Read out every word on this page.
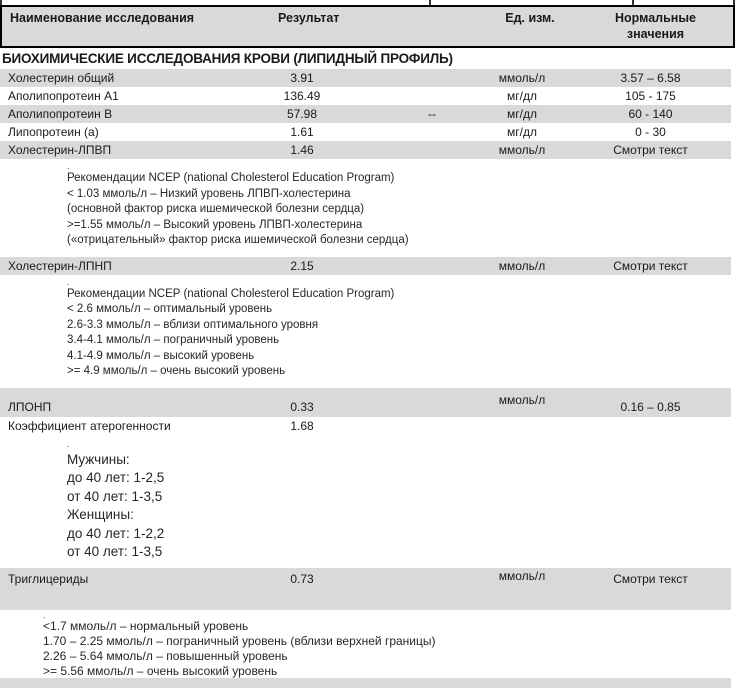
Наименование исследования	Результат	Ед. изм.	Нормальные значения
БИОХИМИЧЕСКИЕ ИССЛЕДОВАНИЯ КРОВИ (ЛИПИДНЫЙ ПРОФИЛЬ)
Холестерин общий	3.91	ммоль/л	3.57 – 6.58
Аполипопротеин А1	136.49	мг/дл	105 - 175
Аполипопротеин В	57.98	--	мг/дл	60 - 140
Липопротеин (а)	1.61	мг/дл	0 - 30
Холестерин-ЛПВП	1.46	ммоль/л	Смотри текст
.
Рекомендации NCEP (national Cholesterol Education Program)
< 1.03 ммоль/л – Низкий уровень ЛПВП-холестерина
(основной фактор риска ишемической болезни сердца)
>=1.55 ммоль/л – Высокий уровень ЛПВП-холестерина
(«отрицательный» фактор риска ишемической болезни сердца)
Холестерин-ЛПНП	2.15	ммоль/л	Смотри текст
.
Рекомендации NCEP (national Cholesterol Education Program)
< 2.6 ммоль/л – оптимальный уровень
2.6-3.3 ммоль/л – вблизи оптимального уровня
3.4-4.1 ммоль/л – пограничный уровень
4.1-4.9 ммоль/л – высокий уровень
>= 4.9 ммоль/л – очень высокий уровень
ЛПОНП	0.33	ммоль/л	0.16 – 0.85
Коэффициент атерогенности	1.68
.
Мужчины:
до 40 лет: 1-2,5
от 40 лет: 1-3,5
Женщины:
до 40 лет: 1-2,2
от 40 лет: 1-3,5
Триглицериды	0.73	ммоль/л	Смотри текст
.
<1.7 ммоль/л – нормальный уровень
1.70 – 2.25 ммоль/л – пограничный уровень (вблизи верхней границы)
2.26 – 5.64 ммоль/л – повышенный уровень
>= 5.56 ммоль/л – очень высокий уровень
